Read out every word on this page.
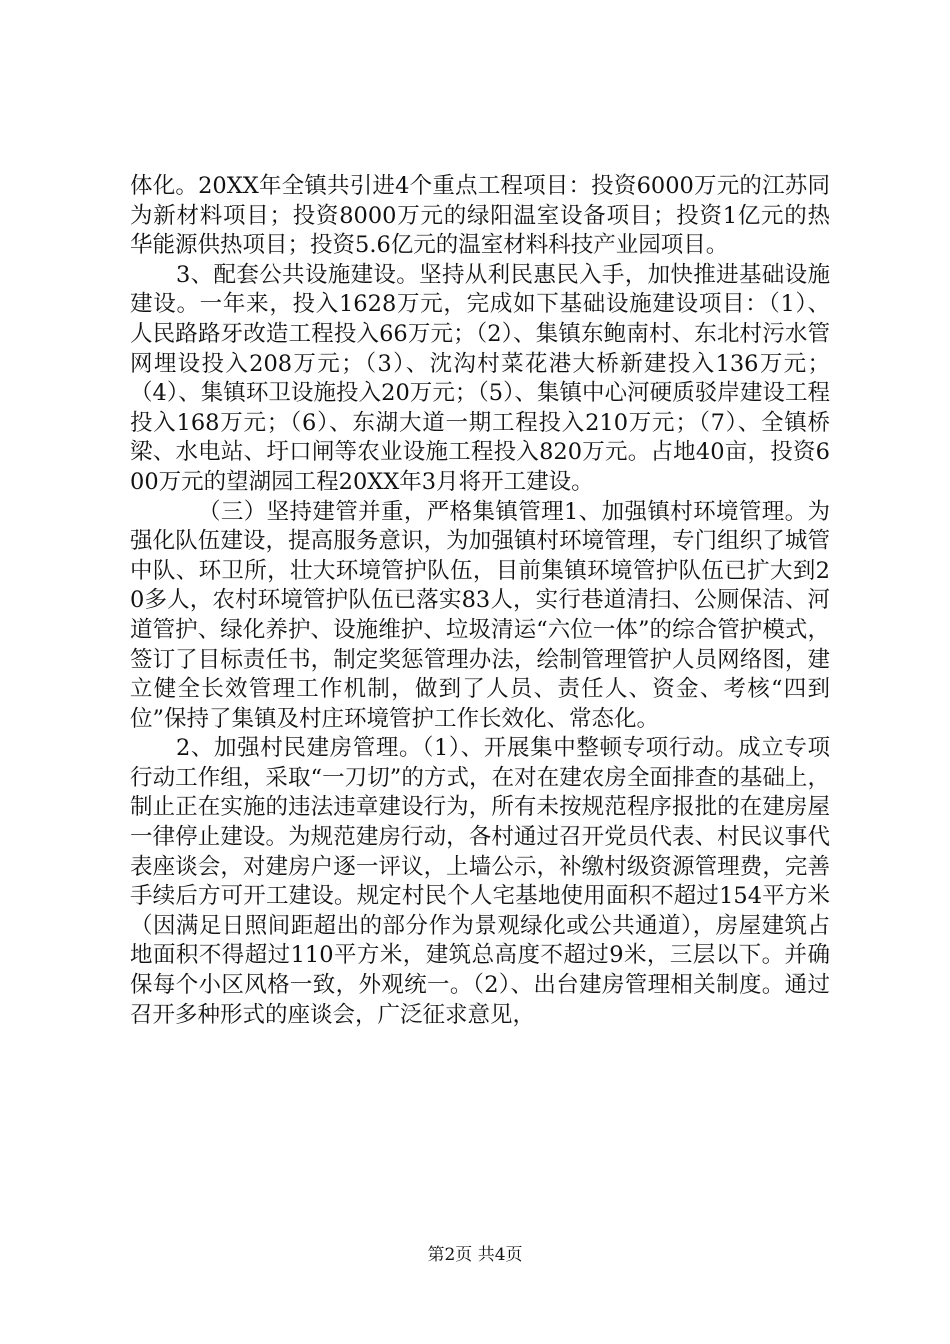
体化。20XX年全镇共引进4个重点工程项目：投资6000万元的江苏同为新材料项目；投资8000万元的绿阳温室设备项目；投资1亿元的热华能源供热项目；投资5.6亿元的温室材料科技产业园项目。

3、配套公共设施建设。坚持从利民惠民入手，加快推进基础设施建设。一年来，投入1628万元，完成如下基础设施建设项目：（1）、人民路路牙改造工程投入66万元；（2）、集镇东鲍南村、东北村污水管网埋设投入208万元；（3）、沈沟村菜花港大桥新建投入136万元；（4）、集镇环卫设施投入20万元；（5）、集镇中心河硬质驳岸建设工程投入168万元；（6）、东湖大道一期工程投入210万元；（7）、全镇桥梁、水电站、圩口闸等农业设施工程投入820万元。占地40亩，投资600万元的望湖园工程20XX年3月将开工建设。

（三）坚持建管并重，严格集镇管理1、加强镇村环境管理。为强化队伍建设，提高服务意识，为加强镇村环境管理，专门组织了城管中队、环卫所，壮大环境管护队伍，目前集镇环境管护队伍已扩大到20多人，农村环境管护队伍已落实83人，实行巷道清扫、公厕保洁、河道管护、绿化养护、设施维护、垃圾清运“六位一体”的综合管护模式，签订了目标责任书，制定奖惩管理办法，绘制管理管护人员网络图，建立健全长效管理工作机制，做到了人员、责任人、资金、考核“四到位”保持了集镇及村庄环境管护工作长效化、常态化。

2、加强村民建房管理。（1）、开展集中整顿专项行动。成立专项行动工作组，采取“一刀切”的方式，在对在建农房全面排查的基础上，制止正在实施的违法违章建设行为，所有未按规范程序报批的在建房屋一律停止建设。为规范建房行动，各村通过召开党员代表、村民议事代表座谈会，对建房户逐一评议，上墙公示，补缴村级资源管理费，完善手续后方可开工建设。规定村民个人宅基地使用面积不超过154平方米（因满足日照间距超出的部分作为景观绿化或公共通道），房屋建筑占地面积不得超过110平方米，建筑总高度不超过9米，三层以下。并确保每个小区风格一致，外观统一。（2）、出台建房管理相关制度。通过召开多种形式的座谈会，广泛征求意见，

第2页 共4页
